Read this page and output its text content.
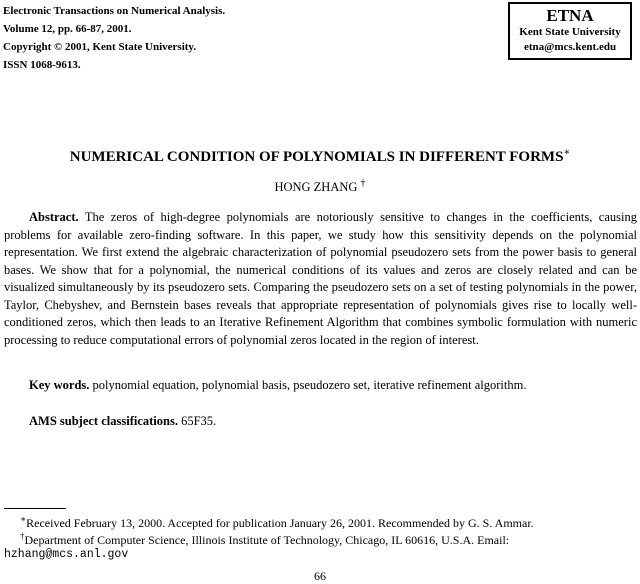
Electronic Transactions on Numerical Analysis.
Volume 12, pp. 66-87, 2001.
Copyright © 2001, Kent State University.
ISSN 1068-9613.
ETNA
Kent State University
etna@mcs.kent.edu
NUMERICAL CONDITION OF POLYNOMIALS IN DIFFERENT FORMS∗
HONG ZHANG †

Abstract. The zeros of high-degree polynomials are notoriously sensitive to changes in the coefficients, causing problems for available zero-finding software. In this paper, we study how this sensitivity depends on the polynomial representation. We first extend the algebraic characterization of polynomial pseudozero sets from the power basis to general bases. We show that for a polynomial, the numerical conditions of its values and zeros are closely related and can be visualized simultaneously by its pseudozero sets. Comparing the pseudozero sets on a set of testing polynomials in the power, Taylor, Chebyshev, and Bernstein bases reveals that appropriate representation of polynomials gives rise to locally well-conditioned zeros, which then leads to an Iterative Refinement Algorithm that combines symbolic formulation with numeric processing to reduce computational errors of polynomial zeros located in the region of interest.

Key words. polynomial equation, polynomial basis, pseudozero set, iterative refinement algorithm.
AMS subject classifications. 65F35.
∗Received February 13, 2000. Accepted for publication January 26, 2001. Recommended by G. S. Ammar.
†Department of Computer Science, Illinois Institute of Technology, Chicago, IL 60616, U.S.A. Email:
hzhang@mcs.anl.gov
66
